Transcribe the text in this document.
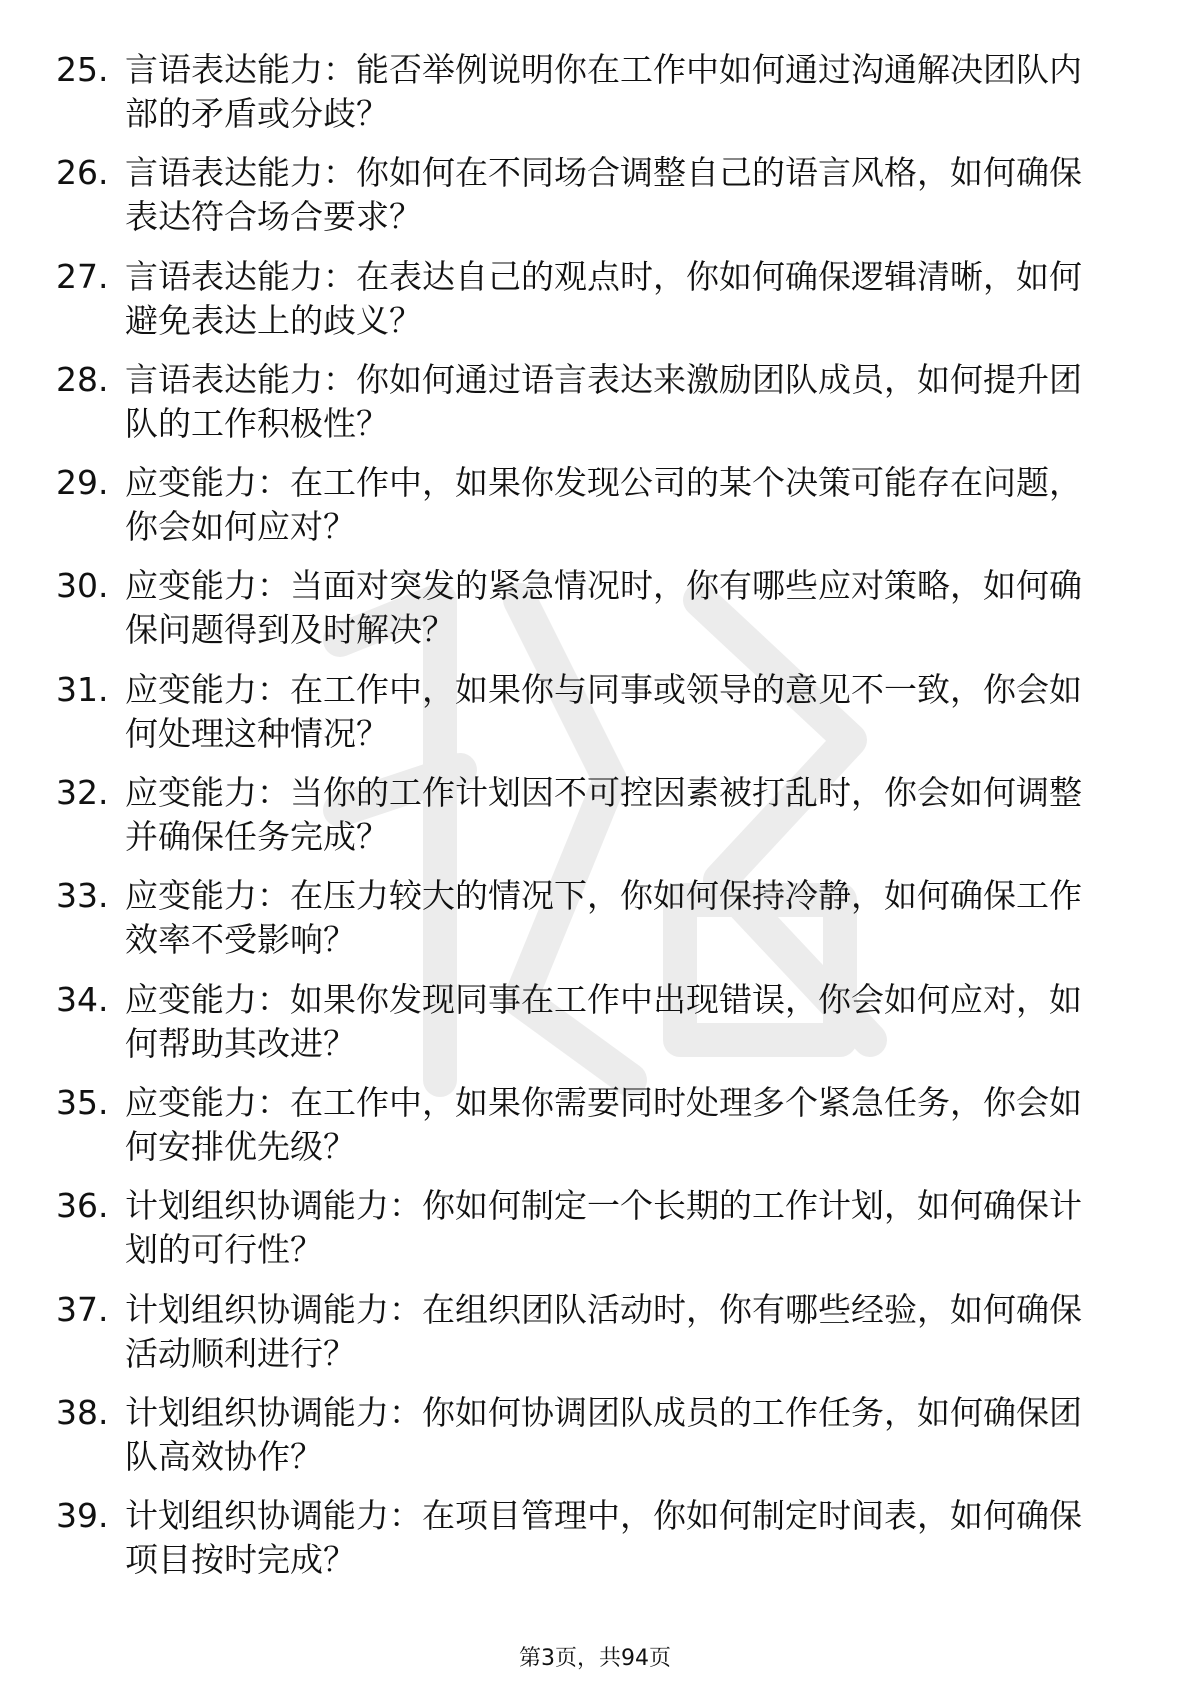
25. 言语表达能力：能否举例说明你在工作中如何通过沟通解决团队内部的矛盾或分歧？
26. 言语表达能力：你如何在不同场合调整自己的语言风格，如何确保表达符合场合要求？
27. 言语表达能力：在表达自己的观点时，你如何确保逻辑清晰，如何避免表达上的歧义？
28. 言语表达能力：你如何通过语言表达来激励团队成员，如何提升团队的工作积极性？
29. 应变能力：在工作中，如果你发现公司的某个决策可能存在问题，你会如何应对？
30. 应变能力：当面对突发的紧急情况时，你有哪些应对策略，如何确保问题得到及时解决？
31. 应变能力：在工作中，如果你与同事或领导的意见不一致，你会如何处理这种情况？
32. 应变能力：当你的工作计划因不可控因素被打乱时，你会如何调整并确保任务完成？
33. 应变能力：在压力较大的情况下，你如何保持冷静，如何确保工作效率不受影响？
34. 应变能力：如果你发现同事在工作中出现错误，你会如何应对，如何帮助其改进？
35. 应变能力：在工作中，如果你需要同时处理多个紧急任务，你会如何安排优先级？
36. 计划组织协调能力：你如何制定一个长期的工作计划，如何确保计划的可行性？
37. 计划组织协调能力：在组织团队活动时，你有哪些经验，如何确保活动顺利进行？
38. 计划组织协调能力：你如何协调团队成员的工作任务，如何确保团队高效协作？
39. 计划组织协调能力：在项目管理中，你如何制定时间表，如何确保项目按时完成？
第3页，共94页
